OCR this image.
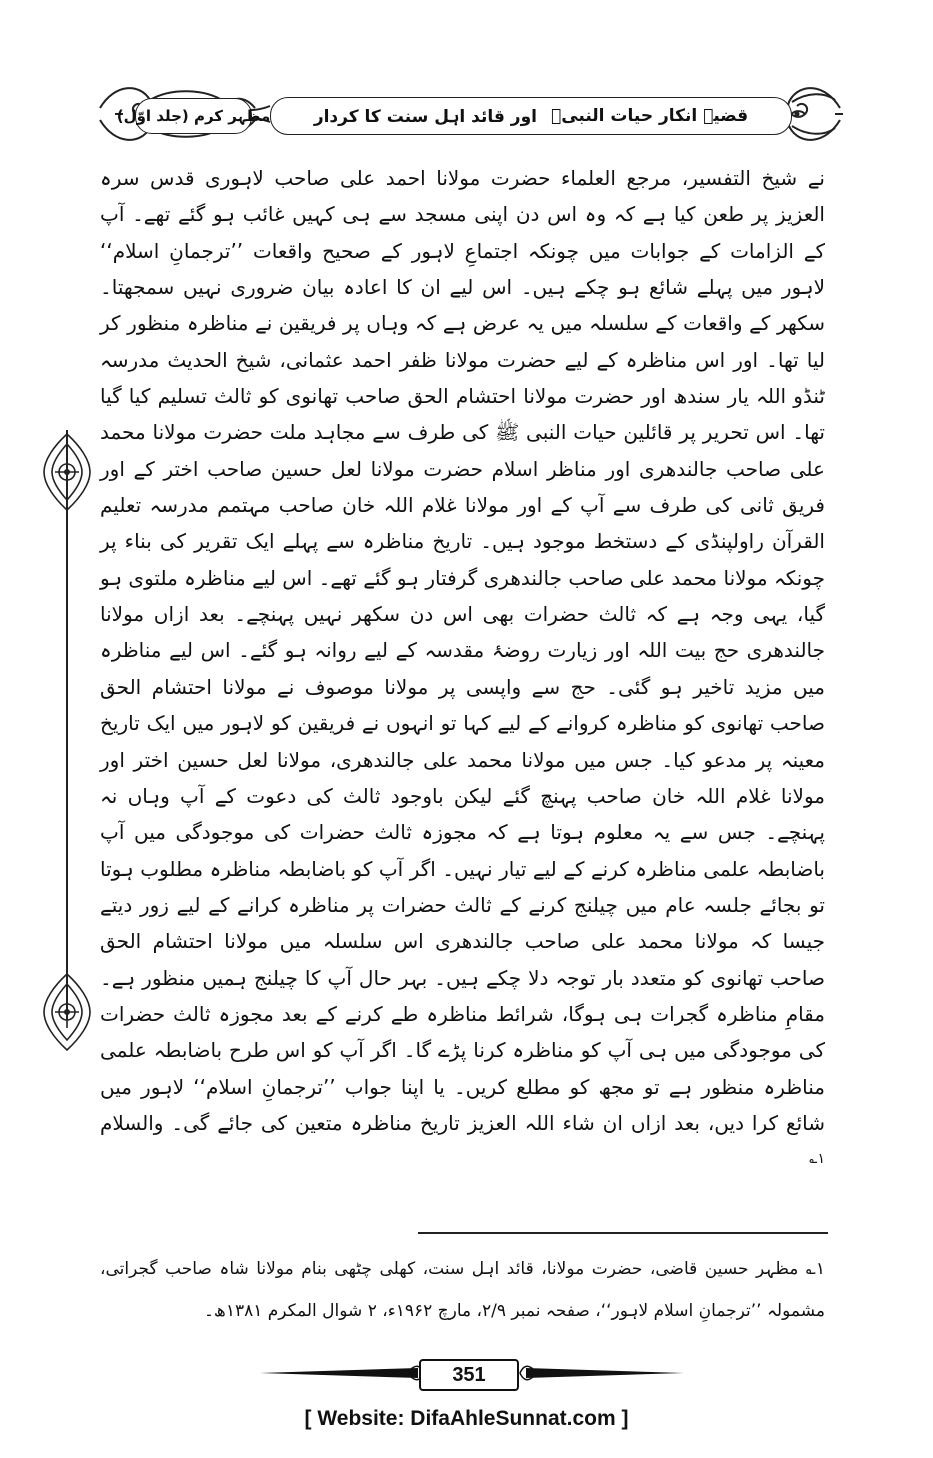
مظہر کرم (جلد اوّل)	قضیہ انکار حیات النبیؐ
اور قائد اہل سنت کا کردار

نے شیخ التفسیر، مرجع العلماء حضرت مولانا احمد علی صاحب لاہوری قدس سرہ العزیز پر طعن کیا ہے کہ وہ اس دن اپنی مسجد سے ہی کہیں غائب ہو گئے تھے۔ آپ کے الزامات کے جوابات میں چونکہ اجتماعِ لاہور کے صحیح واقعات ’’ترجمانِ اسلام‘‘ لاہور میں پہلے شائع ہو چکے ہیں۔ اس لیے ان کا اعادہ بیان ضروری نہیں سمجھتا۔ سکھر کے واقعات کے سلسلہ میں یہ عرض ہے کہ وہاں پر فریقین نے مناظرہ منظور کر لیا تھا۔ اور اس مناظرہ کے لیے حضرت مولانا ظفر احمد عثمانی، شیخ الحدیث مدرسہ ٹنڈو اللہ یار سندھ اور حضرت مولانا احتشام الحق صاحب تھانوی کو ثالث تسلیم کیا گیا تھا۔ اس تحریر پر قائلین حیات النبی ﷺ کی طرف سے مجاہد ملت حضرت مولانا محمد علی صاحب جالندھری اور مناظر اسلام حضرت مولانا لعل حسین صاحب اختر کے اور فریق ثانی کی طرف سے آپ کے اور مولانا غلام اللہ خان صاحب مہتمم مدرسہ تعلیم القرآن راولپنڈی کے دستخط موجود ہیں۔ تاریخ مناظرہ سے پہلے ایک تقریر کی بناء پر چونکہ مولانا محمد علی صاحب جالندھری گرفتار ہو گئے تھے۔ اس لیے مناظرہ ملتوی ہو گیا، یہی وجہ ہے کہ ثالث حضرات بھی اس دن سکھر نہیں پہنچے۔ بعد ازاں مولانا جالندھری حج بیت اللہ اور زیارت روضۂ مقدسہ کے لیے روانہ ہو گئے۔ اس لیے مناظرہ میں مزید تاخیر ہو گئی۔ حج سے واپسی پر مولانا موصوف نے مولانا احتشام الحق صاحب تھانوی کو مناظرہ کروانے کے لیے کہا تو انہوں نے فریقین کو لاہور میں ایک تاریخ معینہ پر مدعو کیا۔ جس میں مولانا محمد علی جالندھری، مولانا لعل حسین اختر اور مولانا غلام اللہ خان صاحب پہنچ گئے لیکن باوجود ثالث کی دعوت کے آپ وہاں نہ پہنچے۔ جس سے یہ معلوم ہوتا ہے کہ مجوزہ ثالث حضرات کی موجودگی میں آپ باضابطہ علمی مناظرہ کرنے کے لیے تیار نہیں۔ اگر آپ کو باضابطہ مناظرہ مطلوب ہوتا تو بجائے جلسہ عام میں چیلنج کرنے کے ثالث حضرات پر مناظرہ کرانے کے لیے زور دیتے جیسا کہ مولانا محمد علی صاحب جالندھری اس سلسلہ میں مولانا احتشام الحق صاحب تھانوی کو متعدد بار توجہ دلا چکے ہیں۔ بہر حال آپ کا چیلنج ہمیں منظور ہے۔ مقامِ مناظرہ گجرات ہی ہوگا، شرائط مناظرہ طے کرنے کے بعد مجوزہ ثالث حضرات کی موجودگی میں ہی آپ کو مناظرہ کرنا پڑے گا۔ اگر آپ کو اس طرح باضابطہ علمی مناظرہ منظور ہے تو مجھ کو مطلع کریں۔ یا اپنا جواب ’’ترجمانِ اسلام‘‘ لاہور میں شائع کرا دیں، بعد ازاں ان شاء اللہ العزیز تاریخ مناظرہ متعین کی جائے گی۔ والسلام $^{۱؎}$

۱؎ مظہر حسین قاضی، حضرت مولانا، قائد اہل سنت، کھلی چٹھی بنام مولانا شاہ صاحب گجراتی، مشمولہ ’’ترجمانِ اسلام لاہور‘‘، صفحہ نمبر ۲/۹، مارچ ۱۹۶۲ء، ۲ شوال المکرم ۱۳۸۱ھ۔

351
[ Website: DifaAhleSunnat.com ]
